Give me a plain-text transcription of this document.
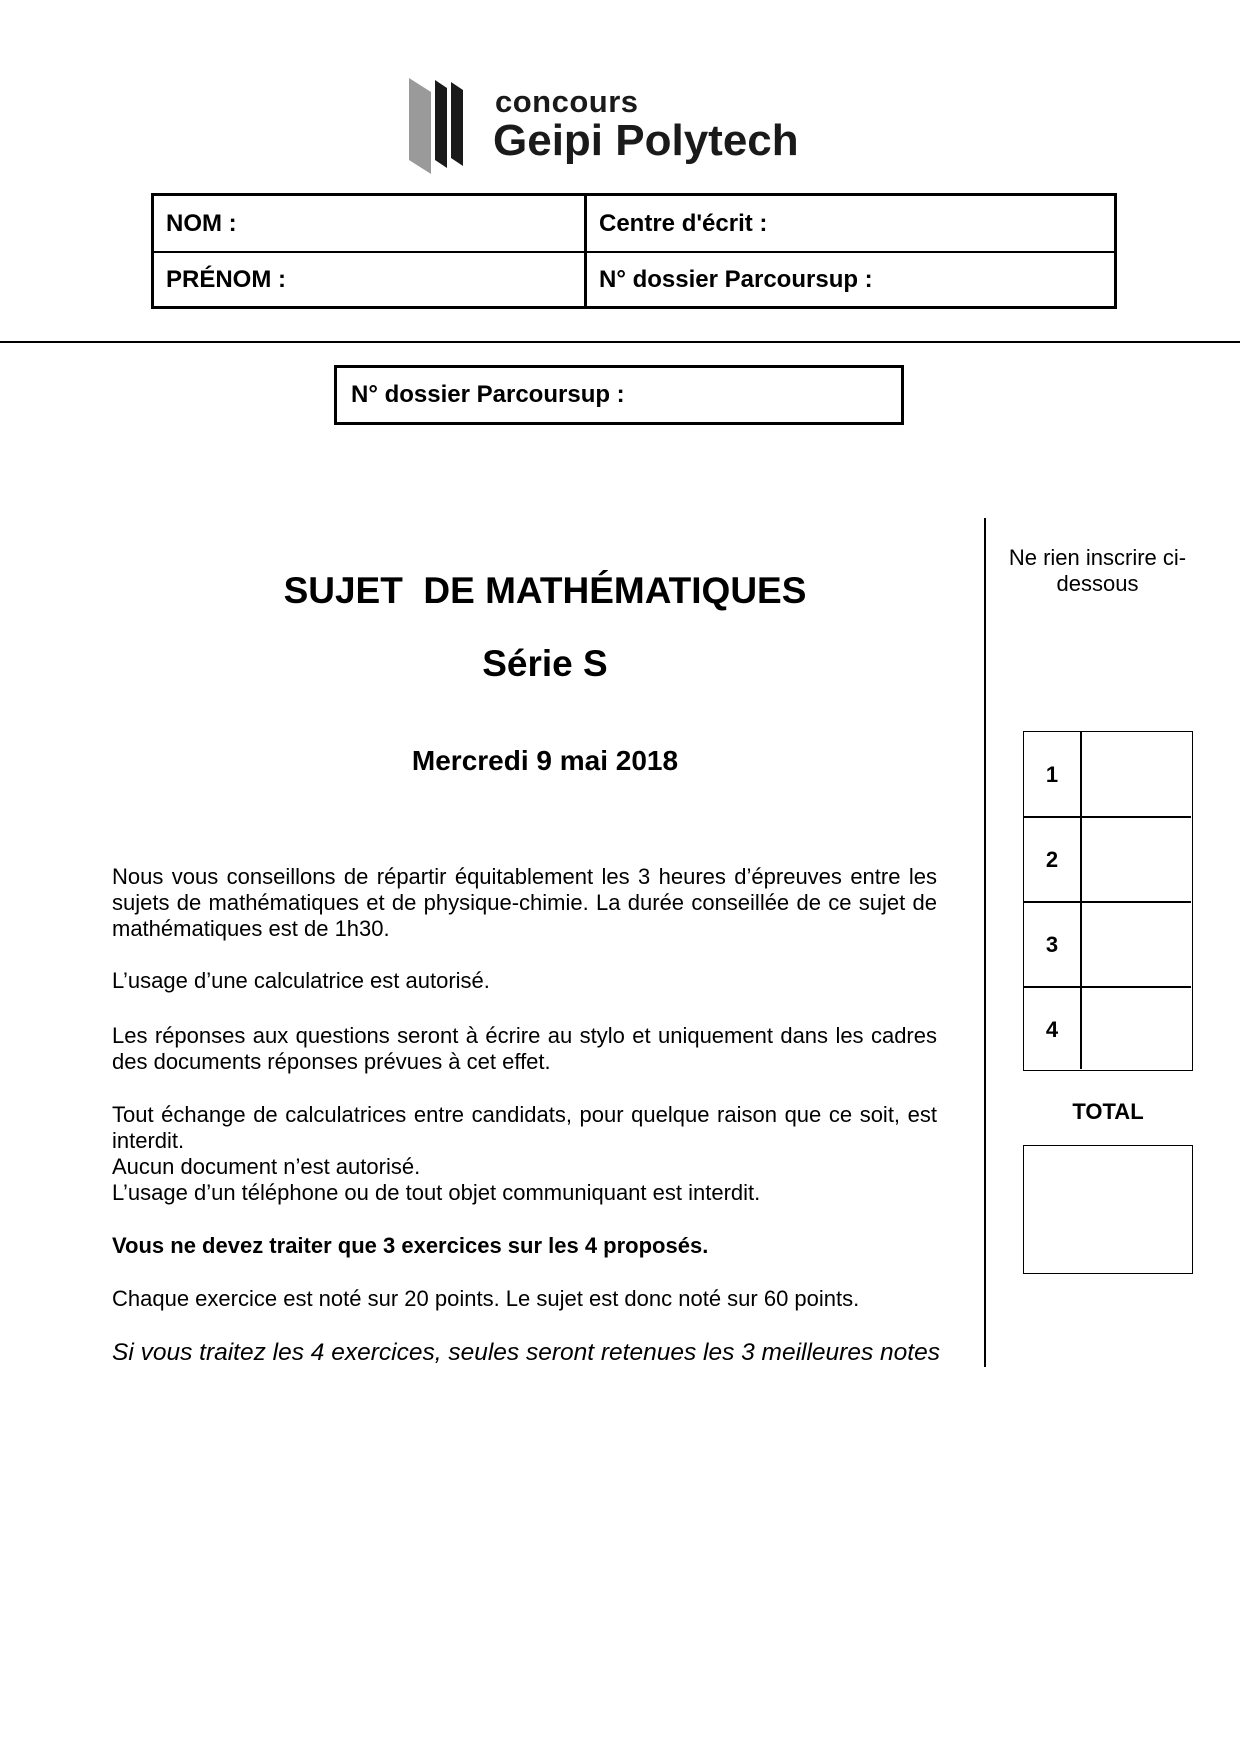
concours
Geipi Polytech
NOM :	Centre d'écrit :
PRÉNOM :	N° dossier Parcoursup :
N° dossier Parcoursup :
SUJET  DE MATHÉMATIQUES
Série S
Mercredi 9 mai 2018
Nous vous conseillons de répartir équitablement les 3 heures d’épreuves entre les sujets de mathématiques et de physique-chimie. La durée conseillée de ce sujet de mathématiques est de 1h30.
L’usage d’une calculatrice est autorisé.
Les réponses aux questions seront à écrire au stylo et uniquement dans les cadres des documents réponses prévues à cet effet.
Tout échange de calculatrices entre candidats, pour quelque raison que ce soit, est interdit.
Aucun document n’est autorisé.
L’usage d’un téléphone ou de tout objet communiquant est interdit.
Vous ne devez traiter que 3 exercices sur les 4 proposés.
Chaque exercice est noté sur 20 points. Le sujet est donc noté sur 60 points.
Si vous traitez les 4 exercices, seules seront retenues les 3 meilleures notes
Ne rien inscrire ci-dessous
1
2
3
4
TOTAL
